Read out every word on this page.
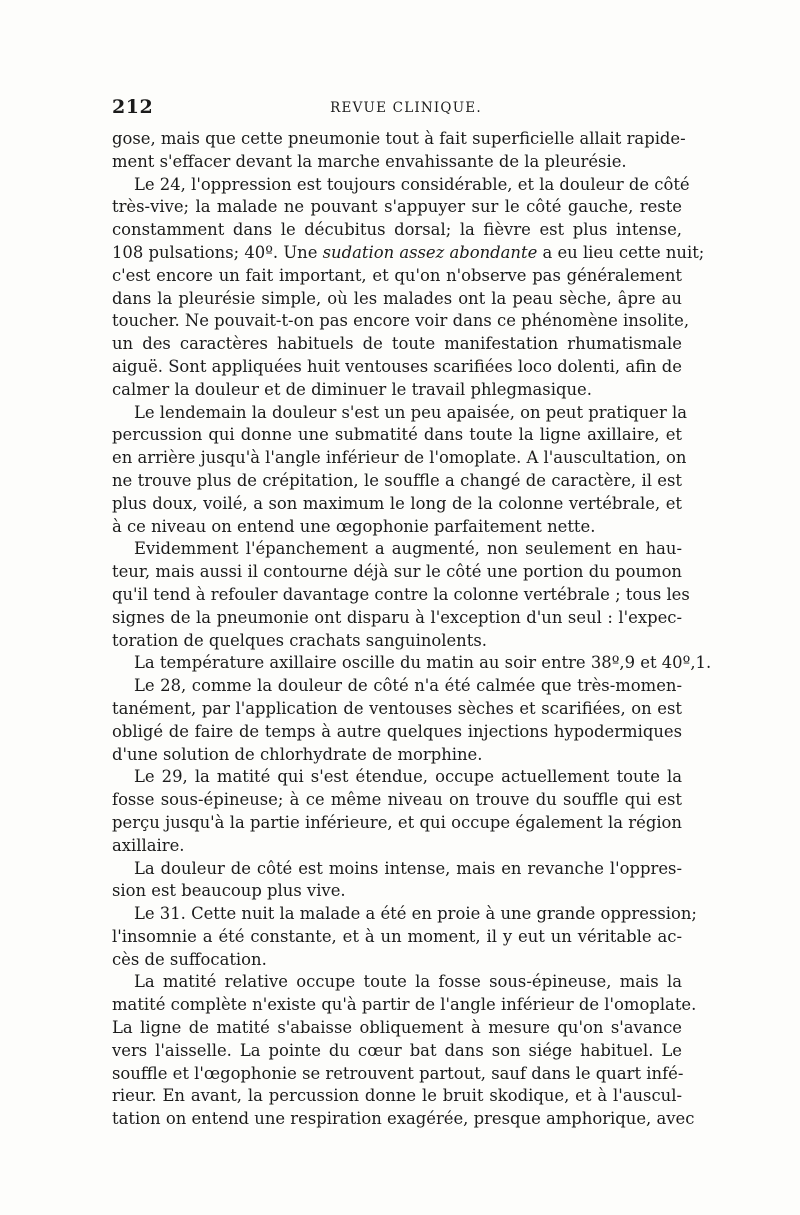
212	REVUE CLINIQUE.
gose, mais que cette pneumonie tout à fait superficielle allait rapide-
ment s'effacer devant la marche envahissante de la pleurésie.
Le 24, l'oppression est toujours considérable, et la douleur de côté
très-vive; la malade ne pouvant s'appuyer sur le côté gauche, reste
constamment dans le décubitus dorsal; la fièvre est plus intense,
108 pulsations; 40º. Une sudation assez abondante a eu lieu cette nuit;
c'est encore un fait important, et qu'on n'observe pas généralement
dans la pleurésie simple, où les malades ont la peau sèche, âpre au
toucher. Ne pouvait-t-on pas encore voir dans ce phénomène insolite,
un des caractères habituels de toute manifestation rhumatismale
aiguë. Sont appliquées huit ventouses scarifiées loco dolenti, afin de
calmer la douleur et de diminuer le travail phlegmasique.
Le lendemain la douleur s'est un peu apaisée, on peut pratiquer la
percussion qui donne une submatité dans toute la ligne axillaire, et
en arrière jusqu'à l'angle inférieur de l'omoplate. A l'auscultation, on
ne trouve plus de crépitation, le souffle a changé de caractère, il est
plus doux, voilé, a son maximum le long de la colonne vertébrale, et
à ce niveau on entend une œgophonie parfaitement nette.
Evidemment l'épanchement a augmenté, non seulement en hau-
teur, mais aussi il contourne déjà sur le côté une portion du poumon
qu'il tend à refouler davantage contre la colonne vertébrale ; tous les
signes de la pneumonie ont disparu à l'exception d'un seul : l'expec-
toration de quelques crachats sanguinolents.
La température axillaire oscille du matin au soir entre 38º,9 et 40º,1.
Le 28, comme la douleur de côté n'a été calmée que très-momen-
tanément, par l'application de ventouses sèches et scarifiées, on est
obligé de faire de temps à autre quelques injections hypodermiques
d'une solution de chlorhydrate de morphine.
Le 29, la matité qui s'est étendue, occupe actuellement toute la
fosse sous-épineuse; à ce même niveau on trouve du souffle qui est
perçu jusqu'à la partie inférieure, et qui occupe également la région
axillaire.
La douleur de côté est moins intense, mais en revanche l'oppres-
sion est beaucoup plus vive.
Le 31. Cette nuit la malade a été en proie à une grande oppression;
l'insomnie a été constante, et à un moment, il y eut un véritable ac-
cès de suffocation.
La matité relative occupe toute la fosse sous-épineuse, mais la
matité complète n'existe qu'à partir de l'angle inférieur de l'omoplate.
La ligne de matité s'abaisse obliquement à mesure qu'on s'avance
vers l'aisselle. La pointe du cœur bat dans son siége habituel. Le
souffle et l'œgophonie se retrouvent partout, sauf dans le quart infé-
rieur. En avant, la percussion donne le bruit skodique, et à l'auscul-
tation on entend une respiration exagérée, presque amphorique, avec
